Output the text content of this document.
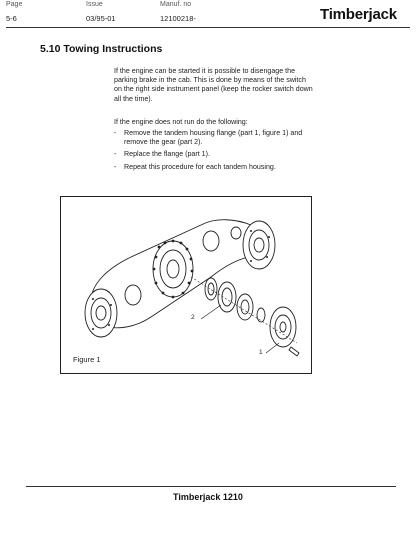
Page
5-6
Issue
03/95-01
Manuf. no
12100218-	Timberjack
5.10 Towing Instructions
If the engine can be started it is possible to disengage the parking brake in the cab. This is done by means of the switch on the right side instrument panel (keep the rocker switch down all the time).
If the engine does not run do the following:
- Remove the tandem housing flange (part 1, figure 1) and remove the gear (part 2).
- Replace the flange (part 1).
- Repeat this procedure for each tandem housing.
2
1
Figure 1
Timberjack 1210
